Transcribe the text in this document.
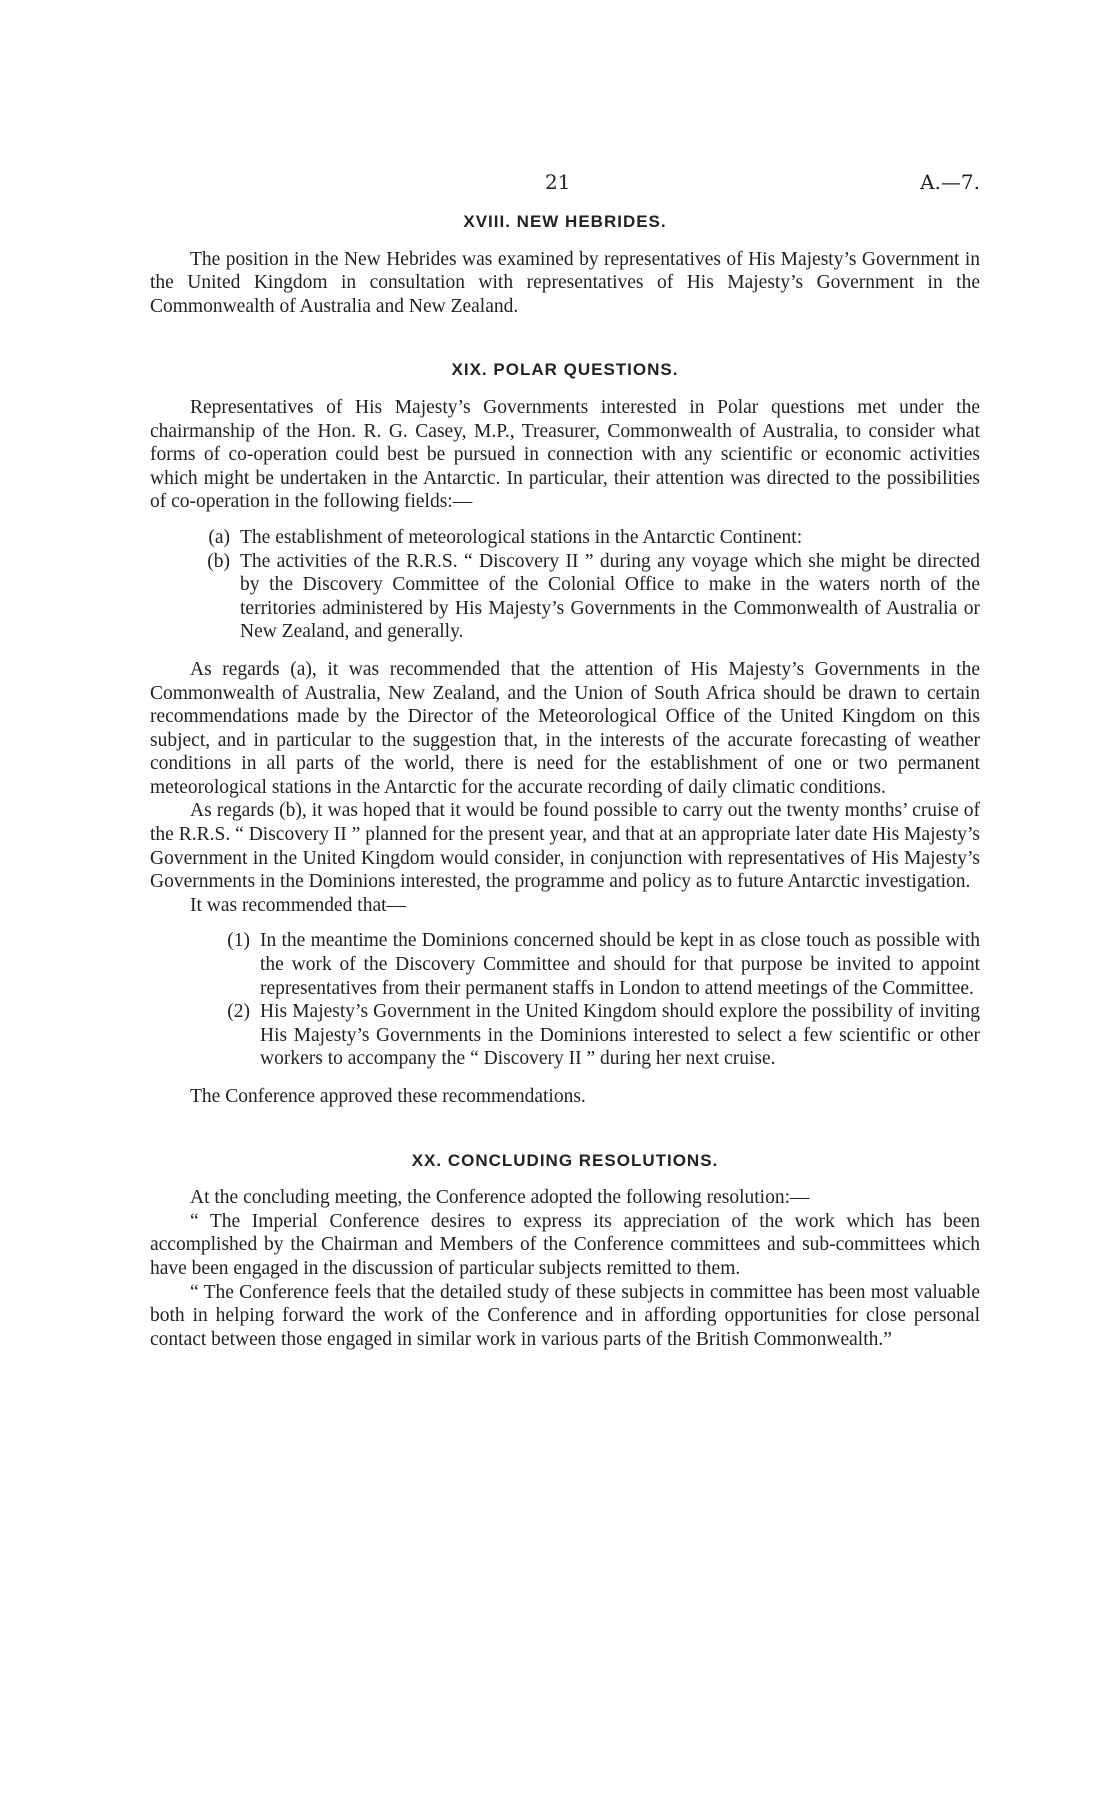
21	A.—7.
XVIII. NEW HEBRIDES.

The position in the New Hebrides was examined by representatives of His Majesty’s Government in the United Kingdom in consultation with representatives of His Majesty’s Government in the Commonwealth of Australia and New Zealand.

XIX. POLAR QUESTIONS.

Representatives of His Majesty’s Governments interested in Polar questions met under the chairmanship of the Hon. R. G. Casey, M.P., Treasurer, Commonwealth of Australia, to consider what forms of co-operation could best be pursued in connection with any scientific or economic activities which might be undertaken in the Antarctic. In particular, their attention was directed to the possibilities of co-operation in the following fields:—

(a) The establishment of meteorological stations in the Antarctic Continent:
(b) The activities of the R.R.S. “ Discovery II ” during any voyage which she might be directed by the Discovery Committee of the Colonial Office to make in the waters north of the territories administered by His Majesty’s Governments in the Commonwealth of Australia or New Zealand, and generally.

As regards (a), it was recommended that the attention of His Majesty’s Governments in the Commonwealth of Australia, New Zealand, and the Union of South Africa should be drawn to certain recommendations made by the Director of the Meteorological Office of the United Kingdom on this subject, and in particular to the suggestion that, in the interests of the accurate forecasting of weather conditions in all parts of the world, there is need for the establishment of one or two permanent meteorological stations in the Antarctic for the accurate recording of daily climatic conditions.

As regards (b), it was hoped that it would be found possible to carry out the twenty months’ cruise of the R.R.S. “ Discovery II ” planned for the present year, and that at an appropriate later date His Majesty’s Government in the United Kingdom would consider, in conjunction with representatives of His Majesty’s Governments in the Dominions interested, the programme and policy as to future Antarctic investigation.

It was recommended that—

(1) In the meantime the Dominions concerned should be kept in as close touch as possible with the work of the Discovery Committee and should for that purpose be invited to appoint representatives from their permanent staffs in London to attend meetings of the Committee.
(2) His Majesty’s Government in the United Kingdom should explore the possibility of inviting His Majesty’s Governments in the Dominions interested to select a few scientific or other workers to accompany the “ Discovery II ” during her next cruise.

The Conference approved these recommendations.

XX. CONCLUDING RESOLUTIONS.

At the concluding meeting, the Conference adopted the following resolution:—

“ The Imperial Conference desires to express its appreciation of the work which has been accomplished by the Chairman and Members of the Conference committees and sub-committees which have been engaged in the discussion of particular subjects remitted to them.

“ The Conference feels that the detailed study of these subjects in committee has been most valuable both in helping forward the work of the Conference and in affording opportunities for close personal contact between those engaged in similar work in various parts of the British Commonwealth.”
